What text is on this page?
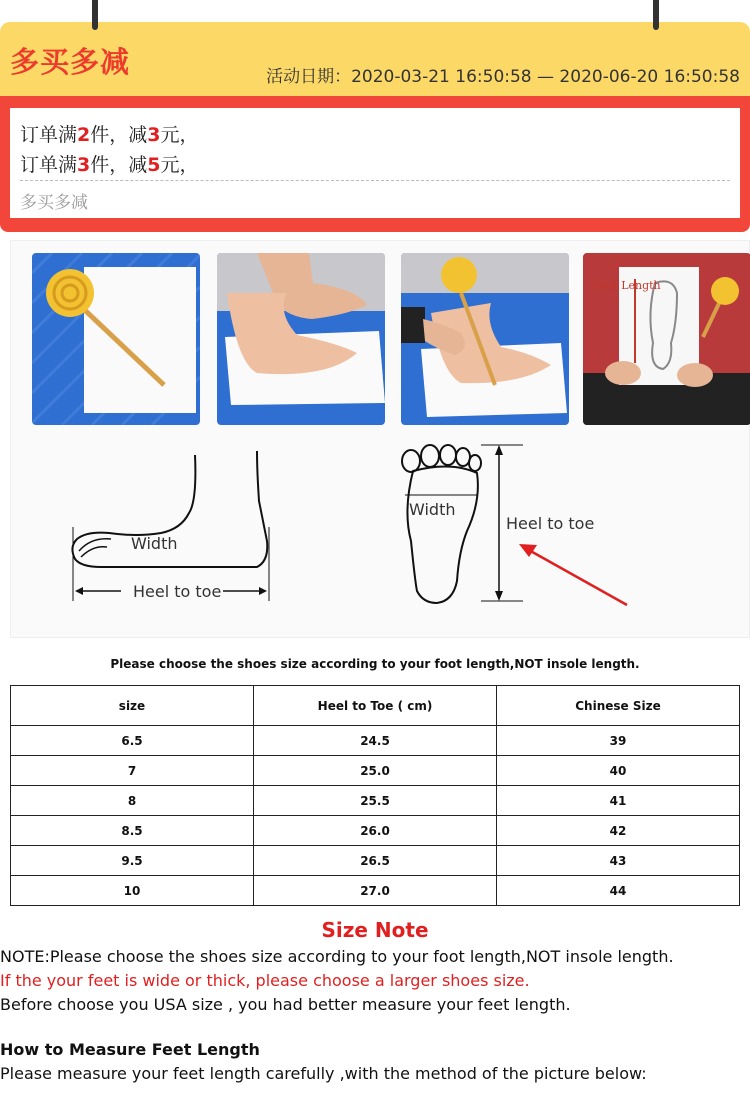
多买多减	活动日期：2020-03-21 16:50:58 — 2020-06-20 16:50:58
订单满2件，减3元，
订单满3件，减5元，
多买多减
Foot Length
Width
Heel to toe
Width
Heel to toe
Please choose the shoes size according to your foot length,NOT insole length.
size	Heel to Toe ( cm)	Chinese Size
6.5	24.5	39
7	25.0	40
8	25.5	41
8.5	26.0	42
9.5	26.5	43
10	27.0	44
Size Note
NOTE:Please choose the shoes size according to your foot length,NOT insole length.
If the your feet is wide or thick, please choose a larger shoes size.
Before choose you USA size , you had better measure your feet length.
How to Measure Feet Length
Please measure your feet length carefully ,with the method of the picture below:
